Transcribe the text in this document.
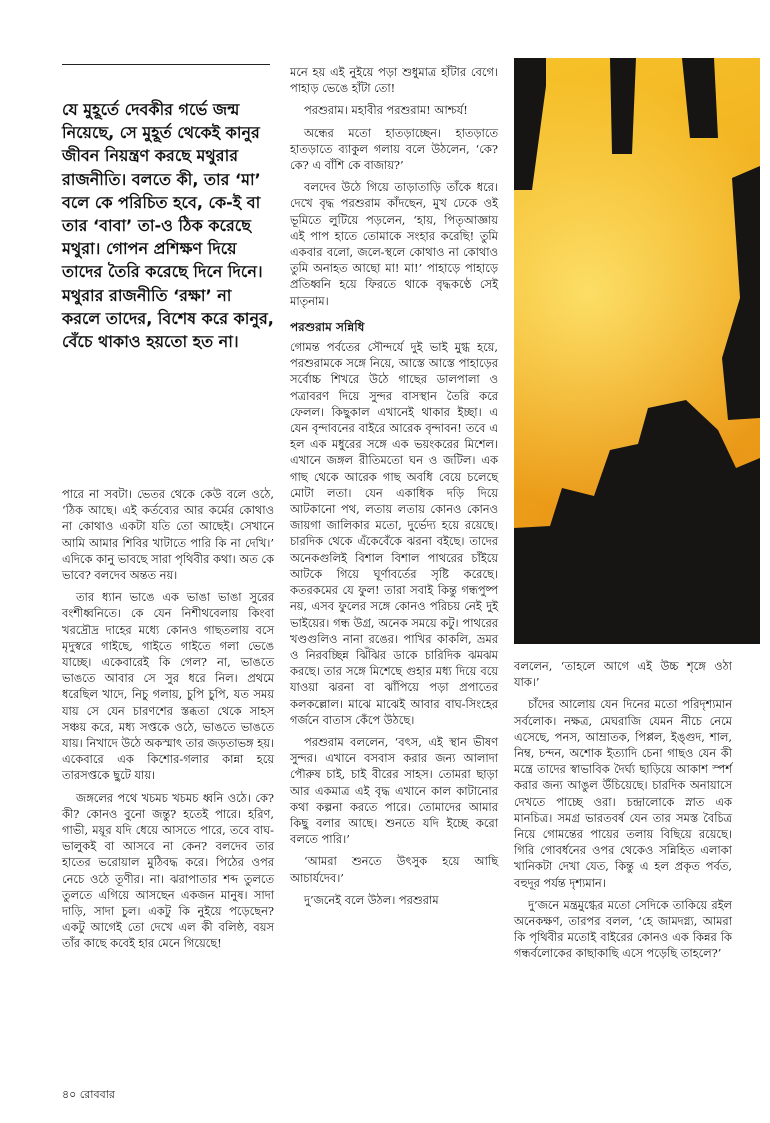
যে মুহূর্তে দেবকীর গর্ভে জন্ম নিয়েছে, সে মুহূর্ত থেকেই কানুর জীবন নিয়ন্ত্রণ করছে মথুরার রাজনীতি। বলতে কী, তার ‘মা’ বলে কে পরিচিত হবে, কে-ই বা তার ‘বাবা’ তা-ও ঠিক করেছে মথুরা। গোপন প্রশিক্ষণ দিয়ে তাদের তৈরি করেছে দিনে দিনে। মথুরার রাজনীতি ‘রক্ষা’ না করলে তাদের, বিশেষ করে কানুর, বেঁচে থাকাও হয়তো হত না।

পারে না সবটা। ভেতর থেকে কেউ বলে ওঠে, ‘ঠিক আছে। এই কর্তব্যের আর কর্মের কোথাও না কোথাও একটা যতি তো আছেই। সেখানে আমি আমার শিবির খাটাতে পারি কি না দেখি।’ এদিকে কানু ভাবছে সারা পৃথিবীর কথা। অত কে ভাবে? বলদেব অন্তত নয়।

তার ধ্যান ভাঙে এক ভাঙা ভাঙা সুরের বংশীধ্বনিতে। কে যেন নিশীথবেলায় কিংবা খরদ্রৌদ্র দাহের মধ্যে কোনও গাছতলায় বসে মৃদুস্বরে গাইছে, গাইতে গাইতে গলা ভেঙে যাচ্ছে। একেবারেই কি গেল? না, ভাঙতে ভাঙতে আবার সে সুর ধরে নিল। প্রথমে ধরেছিল খাদে, নিচু গলায়, চুপি চুপি, যত সময় যায় সে যেন চারণশের স্তব্ধতা থেকে সাহস সঞ্চয় করে, মধ্য সপ্তকে ওঠে, ভাঙতে ভাঙতে যায়। নিখাদে উঠে অকস্মাৎ তার জড়তাভঙ্গ হয়। একেবারে এক কিশোর-গলার কান্না হয়ে তারসপ্তকে ছুটে যায়।

জঙ্গলের পথে খচমচ খচমচ ধ্বনি ওঠে। কে? কী? কোনও বুনো জন্তু? হতেই পারে। হরিণ, গাভী, ময়ূর যদি ধেয়ে আসতে পারে, তবে বাঘ-ভালুকই বা আসবে না কেন? বলদেব তার হাতের ভরোয়াল মুঠিবদ্ধ করে। পিঠের ওপর নেচে ওঠে তূণীর। না। ঝরাপাতার শব্দ তুলতে তুলতে এগিয়ে আসছেন একজন মানুষ। সাদা দাড়ি, সাদা চুল। একটু কি নুইয়ে পড়েছেন? একটু আগেই তো দেখে এল কী বলিষ্ঠ, বয়স তাঁর কাছে কবেই হার মেনে গিয়েছে!

মনে হয় এই নুইয়ে পড়া শুধুমাত্র হাঁটার বেগে। পাহাড় ভেঙে হাঁটা তো!

পরশুরাম। মহাবীর পরশুরাম! আশ্চর্য!

অন্ধের মতো হাতড়াচ্ছেন। হাতড়াতে হাতড়াতে ব্যাকুল গলায় বলে উঠলেন, ‘কে? কে? এ বাঁশি কে বাজায়?’

বলদেব উঠে গিয়ে তাড়াতাড়ি তাঁকে ধরে। দেখে বৃদ্ধ পরশুরাম কাঁদছেন, মুখ ঢেকে ওই ভূমিতে লুটিয়ে পড়লেন, ‘হায়, পিতৃআজ্ঞায় এই পাপ হাতে তোমাকে সংহার করেছি! তুমি একবার বলো, জলে-স্থলে কোথাও না কোথাও তুমি অনাহত আছো মা! মা!’ পাহাড়ে পাহাড়ে প্রতিধ্বনি হয়ে ফিরতে থাকে বৃদ্ধকণ্ঠে সেই মাতৃনাম।

পরশুরাম সন্নিধি

গোমন্ত পর্বতের সৌন্দর্যে দুই ভাই মুগ্ধ হয়ে, পরশুরামকে সঙ্গে নিয়ে, আস্তে আস্তে পাহাড়ের সর্বোচ্চ শিখরে উঠে গাছের ডালপালা ও পত্রাবরণ দিয়ে সুন্দর বাসস্থান তৈরি করে ফেলল। কিছুকাল এখানেই থাকার ইচ্ছা। এ যেন বৃন্দাবনের বাইরে আরেক বৃন্দাবন! তবে এ হল এক মধুরের সঙ্গে এক ভয়ংকরের মিশেল। এখানে জঙ্গল রীতিমতো ঘন ও জটিল। এক গাছ থেকে আরেক গাছ অবধি বেয়ে চলেছে মোটা লতা। যেন একাধিক দড়ি দিয়ে আটকানো পথ, লতায় লতায় কোনও কোনও জায়গা জালিকার মতো, দুর্ভেদ্য হয়ে রয়েছে। চারদিক থেকে এঁকেবেঁকে ঝরনা বইছে। তাদের অনেকগুলিই বিশাল বিশাল পাথরের চাঁইয়ে আটকে গিয়ে ঘূর্ণাবর্তের সৃষ্টি করেছে। কতরকমের যে ফুল! তারা সবাই কিন্তু গন্ধপুষ্প নয়, এসব ফুলের সঙ্গে কোনও পরিচয় নেই দুই ভাইয়ের। গন্ধ উগ্র, অনেক সময়ে কটু। পাথরের খণ্ডগুলিও নানা রঙের। পাখির কাকলি, ভ্রমর ও নিরবচ্ছিন্ন ঝিঁঝির ডাকে চারিদিক ঝমঝম করছে। তার সঙ্গে মিশেছে গুহার মধ্য দিয়ে বয়ে যাওয়া ঝরনা বা ঝাঁপিয়ে পড়া প্রপাতের কলকল্লোল। মাঝে মাঝেই আবার বাঘ-সিংহের গর্জনে বাতাস কেঁপে উঠছে।

পরশুরাম বললেন, ‘বৎস, এই স্থান ভীষণ সুন্দর। এখানে বসবাস করার জন্য আলাদা পৌরুষ চাই, চাই বীরের সাহস। তোমরা ছাড়া আর একমাত্র এই বৃদ্ধ এখানে কাল কাটানোর কথা কল্পনা করতে পারে। তোমাদের আমার কিছু বলার আছে। শুনতে যদি ইচ্ছে করো বলতে পারি।’

‘আমরা শুনতে উৎসুক হয়ে আছি আচার্যদেব।’

দু’জনেই বলে উঠল। পরশুরাম

বললেন, ‘তাহলে আগে এই উচ্চ শৃঙ্গে ওঠা যাক।’

চাঁদের আলোয় যেন দিনের মতো পরিদৃশ্যমান সর্বলোক। নক্ষত্র, মেঘরাজি যেমন নীচে নেমে এসেছে, পনস, আম্রাতক, পিপ্পল, ইঙ্গুদ, শাল, নিম্ব, চন্দন, অশোক ইত্যাদি চেনা গাছও যেন কী মন্ত্রে তাদের স্বাভাবিক দৈর্ঘ্য ছাড়িয়ে আকাশ স্পর্শ করার জন্য আঙুল উঁচিয়েছে। চারদিক অনায়াসে দেখতে পাচ্ছে ওরা। চন্দ্রালোকে স্নাত এক মানচিত্র। সমগ্র ভারতবর্ষ যেন তার সমস্ত বৈচিত্র নিয়ে গোমন্তের পায়ের তলায় বিছিয়ে রয়েছে। গিরি গোবর্ধনের ওপর থেকেও সন্নিহিত এলাকা খানিকটা দেখা যেত, কিন্তু এ হল প্রকৃত পর্বত, বহুদূর পর্যন্ত দৃশ্যমান।

দু’জনে মন্ত্রমুগ্ধের মতো সেদিকে তাকিয়ে রইল অনেকক্ষণ, তারপর বলল, ‘হে জামদগ্ন্য, আমরা কি পৃথিবীর মতোই বাইরের কোনও এক কিন্নর কি গন্ধর্বলোকের কাছাকাছি এসে পড়েছি তাহলে?’

৪০ রোববার
